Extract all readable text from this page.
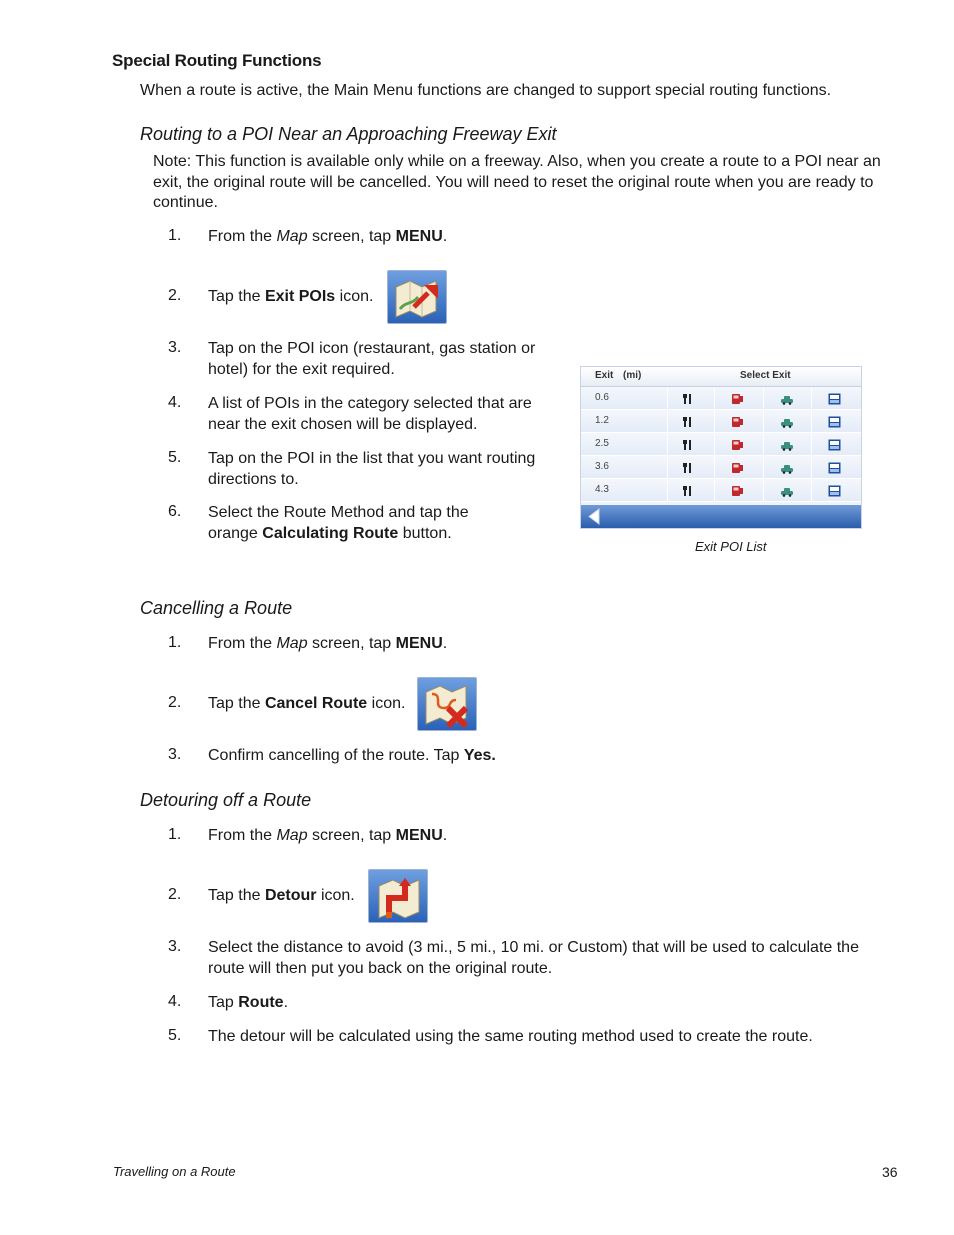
Special Routing Functions
When a route is active, the Main Menu functions are changed to support special routing functions.
Routing to a POI Near an Approaching Freeway Exit
Note: This function is available only while on a freeway. Also, when you create a route to a POI near an exit, the original route will be cancelled. You will need to reset the original route when you are ready to continue.
1.	From the Map screen, tap MENU.
2.	Tap the Exit POIs icon.
3.	Tap on the POI icon (restaurant, gas station or hotel) for the exit required.
4.	A list of POIs in the category selected that are near the exit chosen will be displayed.
5.	Tap on the POI in the list that you want routing directions to.
6.	Select the Route Method and tap the orange Calculating Route button.
Exit (mi)	Select Exit
0.6
1.2
2.5
3.6
4.3
Exit POI List
Cancelling a Route
1.	From the Map screen, tap MENU.
2.	Tap the Cancel Route icon.
3.	Confirm cancelling of the route. Tap Yes.
Detouring off a Route
1.	From the Map screen, tap MENU.
2.	Tap the Detour icon.
3.	Select the distance to avoid (3 mi., 5 mi., 10 mi. or Custom) that will be used to calculate the route will then put you back on the original route.
4.	Tap Route.
5.	The detour will be calculated using the same routing method used to create the route.
Travelling on a Route	36
